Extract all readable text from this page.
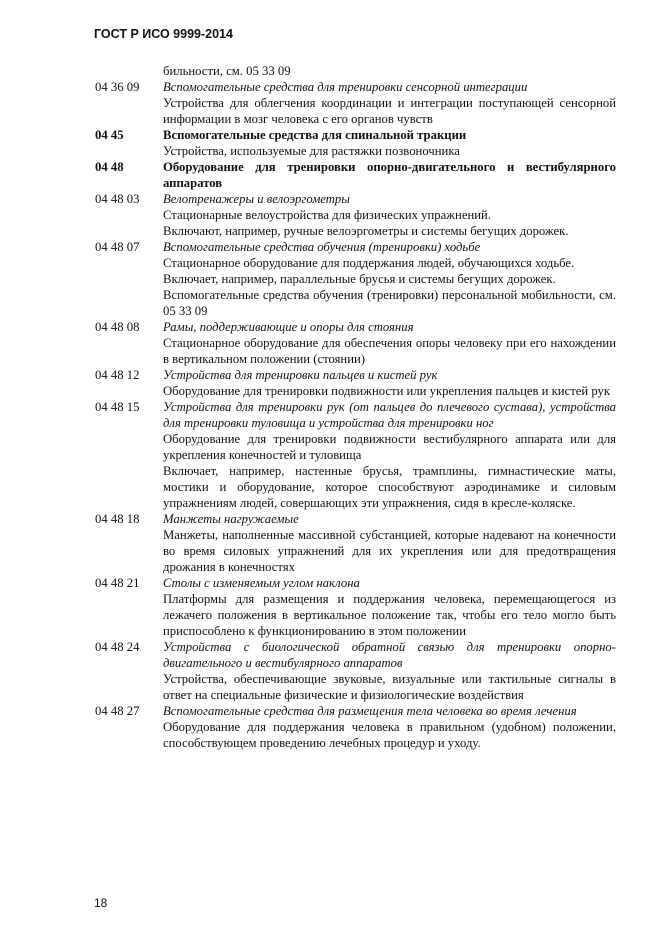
ГОСТ Р ИСО 9999-2014
бильности, см. 05 33 09
04 36 09	Вспомогательные средства для тренировки сенсорной интеграции
Устройства для облегчения координации и интеграции поступающей сенсорной информации в мозг человека с его органов чувств
04 45	Вспомогательные средства для спинальной тракции
Устройства, используемые для растяжки позвоночника
04 48	Оборудование для тренировки опорно-двигательного и вестибулярного аппаратов
04 48 03	Велотренажеры и велоэргометры
Стационарные велоустройства для физических упражнений.
Включают, например, ручные велоэргометры и системы бегущих дорожек.
04 48 07	Вспомогательные средства обучения (тренировки) ходьбе
Стационарное оборудование для поддержания людей, обучающихся ходьбе.
Включает, например, параллельные брусья и системы бегущих дорожек.
Вспомогательные средства обучения (тренировки) персональной мобильности, см. 05 33 09
04 48 08	Рамы, поддерживающие и опоры для стояния
Стационарное оборудование для обеспечения опоры человеку при его нахождении в вертикальном положении (стоянии)
04 48 12	Устройства для тренировки пальцев и кистей рук
Оборудование для тренировки подвижности или укрепления пальцев и кистей рук
04 48 15	Устройства для тренировки рук (от пальцев до плечевого сустава), устройства для тренировки туловища и устройства для тренировки ног
Оборудование для тренировки подвижности вестибулярного аппарата или для укрепления конечностей и туловища
Включает, например, настенные брусья, трамплины, гимнастические маты, мостики и оборудование, которое способствуют аэродинамике и силовым упражнениям людей, совершающих эти упражнения, сидя в кресле-коляске.
04 48 18	Манжеты нагружаемые
Манжеты, наполненные массивной субстанцией, которые надевают на конечности во время силовых упражнений для их укрепления или для предотвращения дрожания в конечностях
04 48 21	Столы с изменяемым углом наклона
Платформы для размещения и поддержания человека, перемещающегося из лежачего положения в вертикальное положение так, чтобы его тело могло быть приспособлено к функционированию в этом положении
04 48 24	Устройства с биологической обратной связью для тренировки опорнодвигательного и вестибулярного аппаратов
Устройства, обеспечивающие звуковые, визуальные или тактильные сигналы в ответ на специальные физические и физиологические воздействия
04 48 27	Вспомогательные средства для размещения тела человека во время лечения
Оборудование для поддержания человека в правильном (удобном) положении, способствующем проведению лечебных процедур и уходу.
18
